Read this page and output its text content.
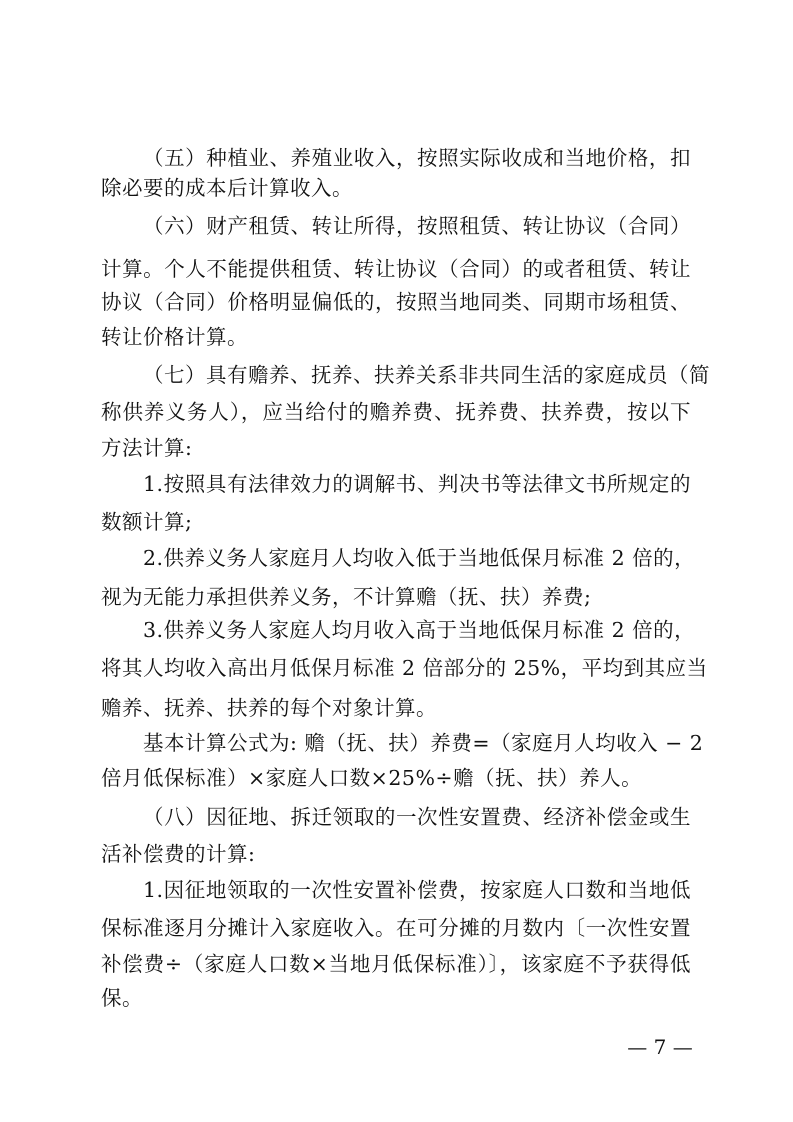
（五）种植业、养殖业收入，按照实际收成和当地价格，扣
除必要的成本后计算收入。
（六）财产租赁、转让所得，按照租赁、转让协议（合同）
计算。个人不能提供租赁、转让协议（合同）的或者租赁、转让
协议（合同）价格明显偏低的，按照当地同类、同期市场租赁、
转让价格计算。
（七）具有赡养、抚养、扶养关系非共同生活的家庭成员（简
称供养义务人），应当给付的赡养费、抚养费、扶养费，按以下
方法计算:
1.按照具有法律效力的调解书、判决书等法律文书所规定的
数额计算;
2.供养义务人家庭月人均收入低于当地低保月标准 2 倍的，
视为无能力承担供养义务，不计算赡（抚、扶）养费;
3.供养义务人家庭人均月收入高于当地低保月标准 2 倍的，
将其人均收入高出月低保月标准 2 倍部分的 25%，平均到其应当
赡养、抚养、扶养的每个对象计算。
基本计算公式为: 赡（抚、扶）养费=（家庭月人均收入 − 2
倍月低保标准）×家庭人口数×25%÷赡（抚、扶）养人。
（八）因征地、拆迁领取的一次性安置费、经济补偿金或生
活补偿费的计算:
1.因征地领取的一次性安置补偿费，按家庭人口数和当地低
保标准逐月分摊计入家庭收入。在可分摊的月数内〔一次性安置
补偿费÷（家庭人口数×当地月低保标准）〕，该家庭不予获得低
保。
— 7 —
